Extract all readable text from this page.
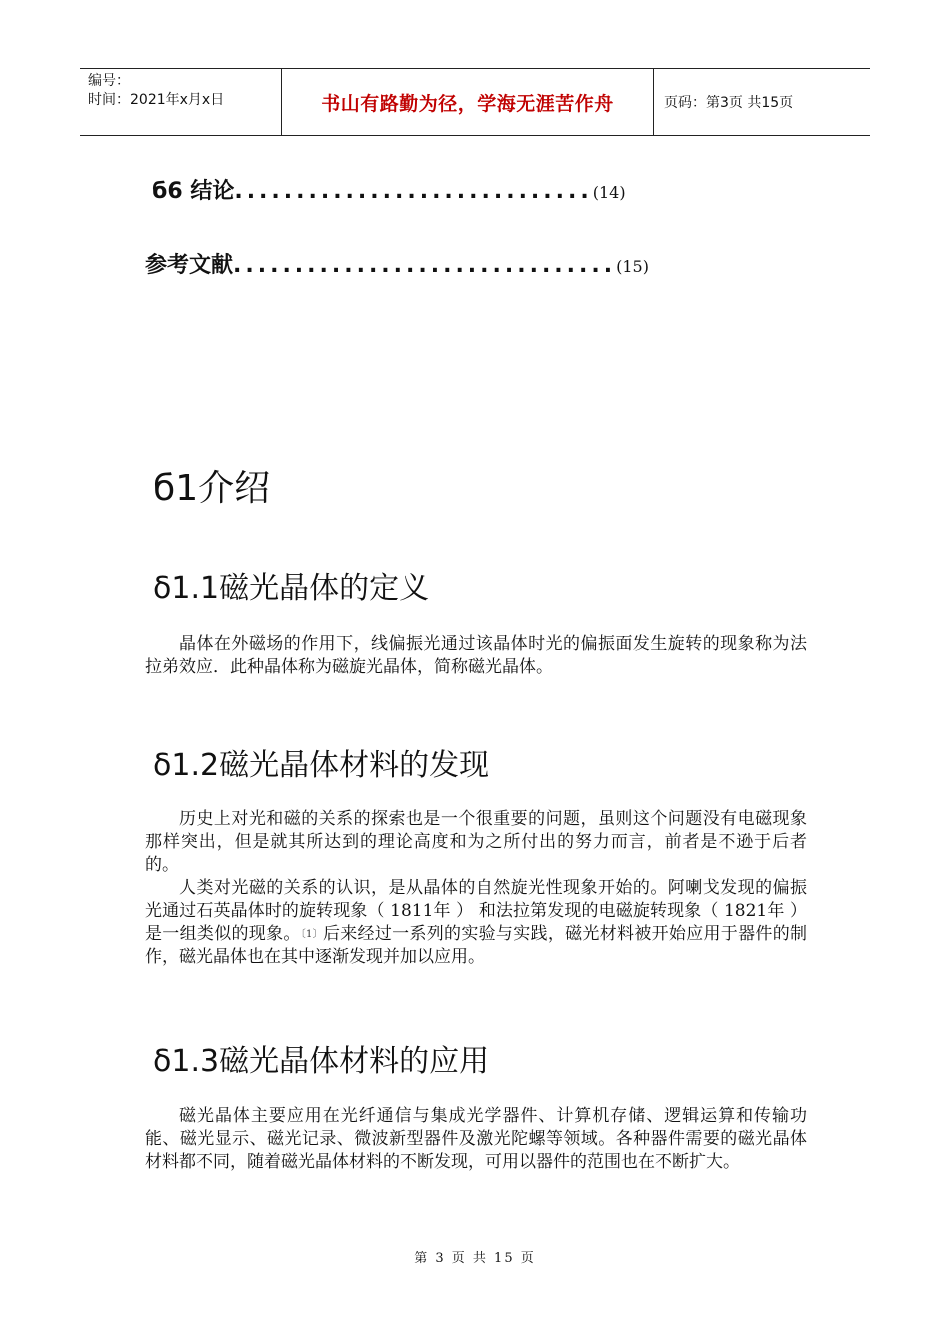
编号：
时间：2021年x月x日	书山有路勤为径，学海无涯苦作舟	页码：第3页 共15页
б6 结论.............................(14)
参考文献...............................(15)
б1介绍
δ1.1磁光晶体的定义

晶体在外磁场的作用下，线偏振光通过该晶体时光的偏振面发生旋转的现象称为法拉弟效应．此种晶体称为磁旋光晶体，简称磁光晶体。

δ1.2磁光晶体材料的发现

历史上对光和磁的关系的探索也是一个很重要的问题，虽则这个问题没有电磁现象那样突出，但是就其所达到的理论高度和为之所付出的努力而言，前者是不逊于后者的。

人类对光磁的关系的认识，是从晶体的自然旋光性现象开始的。阿喇戈发现的偏振光通过石英晶体时的旋转现象（ 1811年 ） 和法拉第发现的电磁旋转现象（ 1821年 ） 是一组类似的现象。〔1〕后来经过一系列的实验与实践，磁光材料被开始应用于器件的制作，磁光晶体也在其中逐渐发现并加以应用。

δ1.3磁光晶体材料的应用

磁光晶体主要应用在光纤通信与集成光学器件、计算机存储、逻辑运算和传输功能、磁光显示、磁光记录、微波新型器件及激光陀螺等领域。各种器件需要的磁光晶体材料都不同，随着磁光晶体材料的不断发现，可用以器件的范围也在不断扩大。

第 3 页 共 15 页
